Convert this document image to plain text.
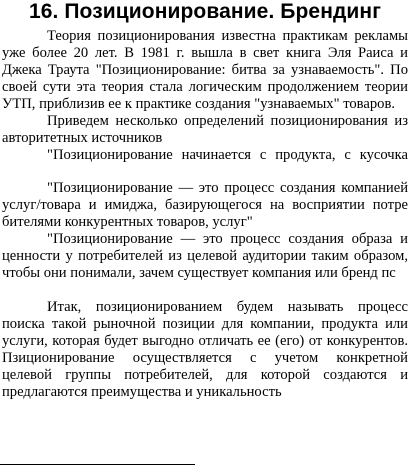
16. Позиционирование. Брендинг
Теория позиционирования известна практикам рекламы
уже более 20 лет. В 1981 г. вышла в свет книга Эля Раиса и
Джека Траута "Позиционирование: битва за узнаваемость". По
своей сути эта теория стала логическим продолжением теории
УТП, приблизив ее к практике создания "узнаваемых" товаров.
Приведем несколько определений позиционирования из
авторитетных источников
"Позиционирование начинается с продукта, с кусочка
"Позиционирование — это процесс создания компанией
услуг/товара и имиджа, базирующегося на восприятии потре
бителями конкурентных товаров, услуг"
"Позиционирование — это процесс создания образа и
ценности у потребителей из целевой аудитории таким образом,
чтобы они понимали, зачем существует компания или бренд пс
Итак, позиционированием будем называть процесс
поиска такой рыночной позиции для компании, продукта или
услуги, которая будет выгодно отличать ее (его) от конкурентов.
Пзиционирование осуществляется с учетом конкретной
целевой группы потребителей, для которой создаются и
предлагаются преимущества и уникальность
